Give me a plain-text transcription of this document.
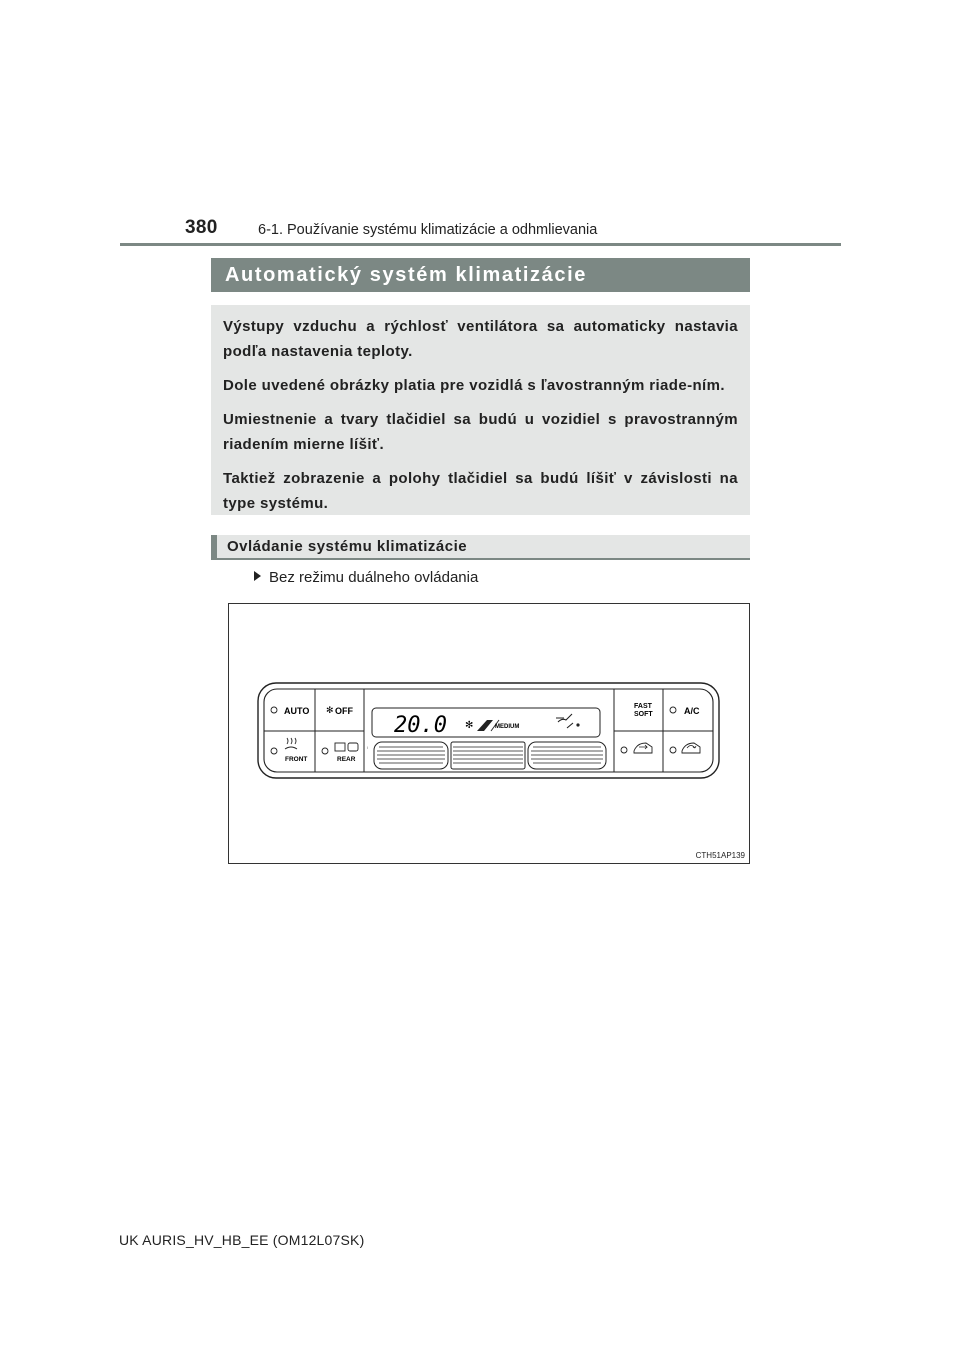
380	6-1. Používanie systému klimatizácie a odhmlievania
Automatický systém klimatizácie

Výstupy vzduchu a rýchlosť ventilátora sa automaticky nastavia podľa nastavenia teploty.

Dole uvedené obrázky platia pre vozidlá s ľavostranným riade-ním.

Umiestnenie a tvary tlačidiel sa budú u vozidiel s pravostranným riadením mierne líšiť.

Taktiež zobrazenie a polohy tlačidiel sa budú líšiť v závislosti na type systému.

Ovládanie systému klimatizácie
Bez režimu duálneho ovládania
AUTO ✻ OFF
FRONT	REAR
20.0 ✻	MEDIUM
I
FAST
SOFT	A/C
CTH51AP139
UK AURIS_HV_HB_EE (OM12L07SK)
